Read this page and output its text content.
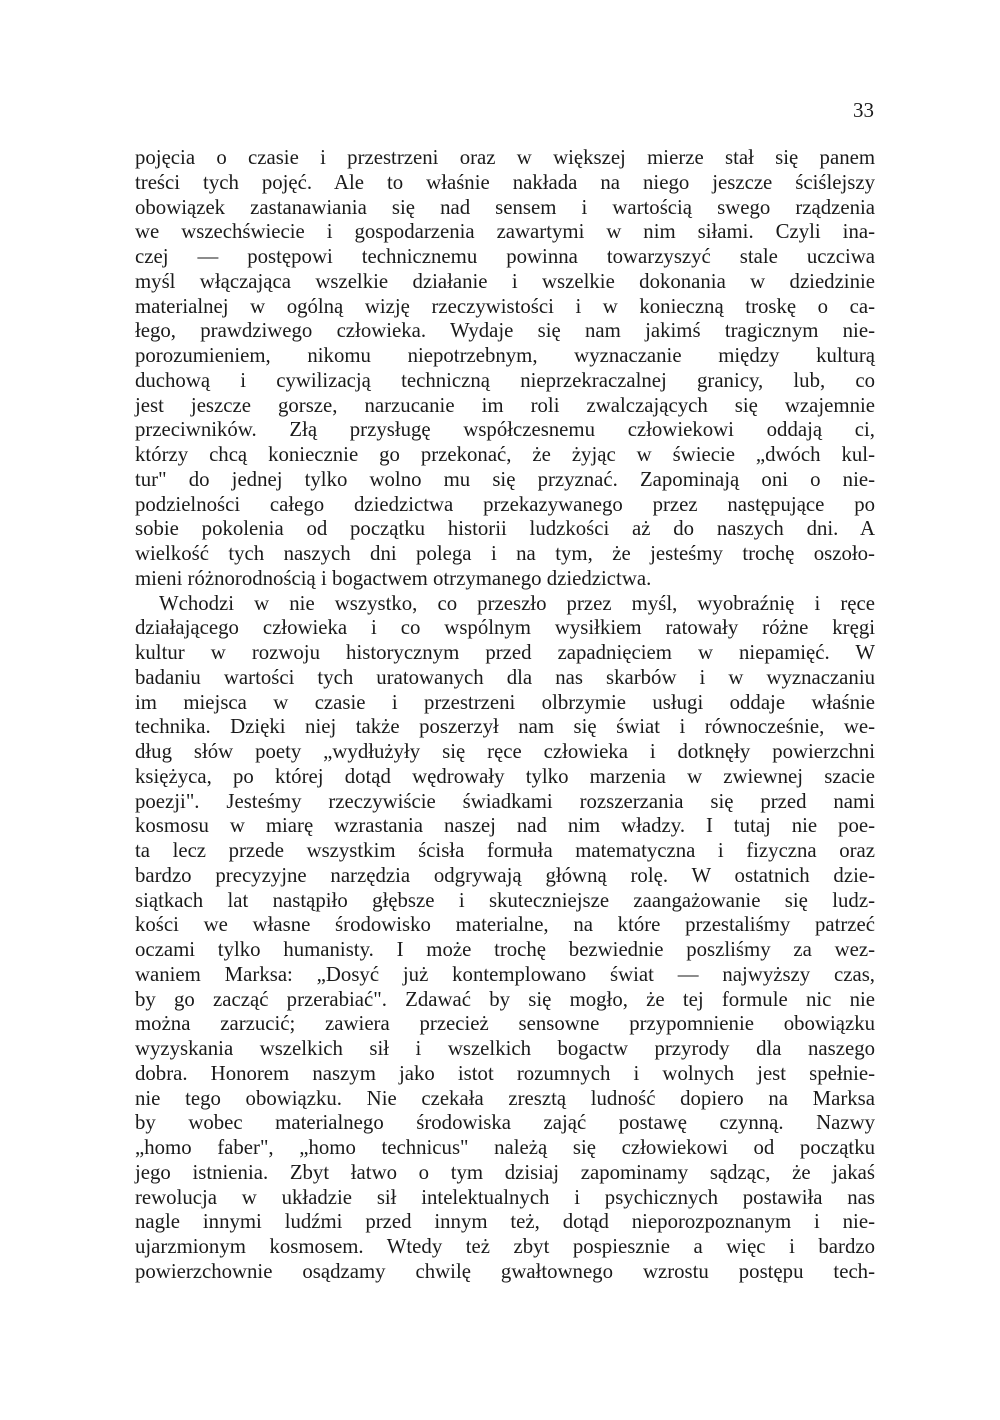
33
pojęcia o czasie i przestrzeni oraz w większej mierze stał się panem
treści tych pojęć. Ale to właśnie nakłada na niego jeszcze ściślejszy
obowiązek zastanawiania się nad sensem i wartością swego rządzenia
we wszechświecie i gospodarzenia zawartymi w nim siłami. Czyli ina-
czej — postępowi technicznemu powinna towarzyszyć stale uczciwa
myśl włączająca wszelkie działanie i wszelkie dokonania w dziedzinie
materialnej w ogólną wizję rzeczywistości i w konieczną troskę o ca-
łego, prawdziwego człowieka. Wydaje się nam jakimś tragicznym nie-
porozumieniem, nikomu niepotrzebnym, wyznaczanie między kulturą
duchową i cywilizacją techniczną nieprzekraczalnej granicy, lub, co
jest jeszcze gorsze, narzucanie im roli zwalczających się wzajemnie
przeciwników. Złą przysługę współczesnemu człowiekowi oddają ci,
którzy chcą koniecznie go przekonać, że żyjąc w świecie „dwóch kul-
tur" do jednej tylko wolno mu się przyznać. Zapominają oni o nie-
podzielności całego dziedzictwa przekazywanego przez następujące po
sobie pokolenia od początku historii ludzkości aż do naszych dni. A
wielkość tych naszych dni polega i na tym, że jesteśmy trochę oszoło-
mieni różnorodnością i bogactwem otrzymanego dziedzictwa.
Wchodzi w nie wszystko, co przeszło przez myśl, wyobraźnię i ręce
działającego człowieka i co wspólnym wysiłkiem ratowały różne kręgi
kultur w rozwoju historycznym przed zapadnięciem w niepamięć. W
badaniu wartości tych uratowanych dla nas skarbów i w wyznaczaniu
im miejsca w czasie i przestrzeni olbrzymie usługi oddaje właśnie
technika. Dzięki niej także poszerzył nam się świat i równocześnie, we-
dług słów poety „wydłużyły się ręce człowieka i dotknęły powierzchni
księżyca, po której dotąd wędrowały tylko marzenia w zwiewnej szacie
poezji". Jesteśmy rzeczywiście świadkami rozszerzania się przed nami
kosmosu w miarę wzrastania naszej nad nim władzy. I tutaj nie poe-
ta lecz przede wszystkim ścisła formuła matematyczna i fizyczna oraz
bardzo precyzyjne narzędzia odgrywają główną rolę. W ostatnich dzie-
siątkach lat nastąpiło głębsze i skuteczniejsze zaangażowanie się ludz-
kości we własne środowisko materialne, na które przestaliśmy patrzeć
oczami tylko humanisty. I może trochę bezwiednie poszliśmy za wez-
waniem Marksa: „Dosyć już kontemplowano świat — najwyższy czas,
by go zacząć przerabiać". Zdawać by się mogło, że tej formule nic nie
można zarzucić; zawiera przecież sensowne przypomnienie obowiązku
wyzyskania wszelkich sił i wszelkich bogactw przyrody dla naszego
dobra. Honorem naszym jako istot rozumnych i wolnych jest spełnie-
nie tego obowiązku. Nie czekała zresztą ludność dopiero na Marksa
by wobec materialnego środowiska zająć postawę czynną. Nazwy
„homo faber", „homo technicus" należą się człowiekowi od początku
jego istnienia. Zbyt łatwo o tym dzisiaj zapominamy sądząc, że jakaś
rewolucja w układzie sił intelektualnych i psychicznych postawiła nas
nagle innymi ludźmi przed innym też, dotąd nieporozpoznanym i nie-
ujarzmionym kosmosem. Wtedy też zbyt pospiesznie a więc i bardzo
powierzchownie osądzamy chwilę gwałtownego wzrostu postępu tech-
